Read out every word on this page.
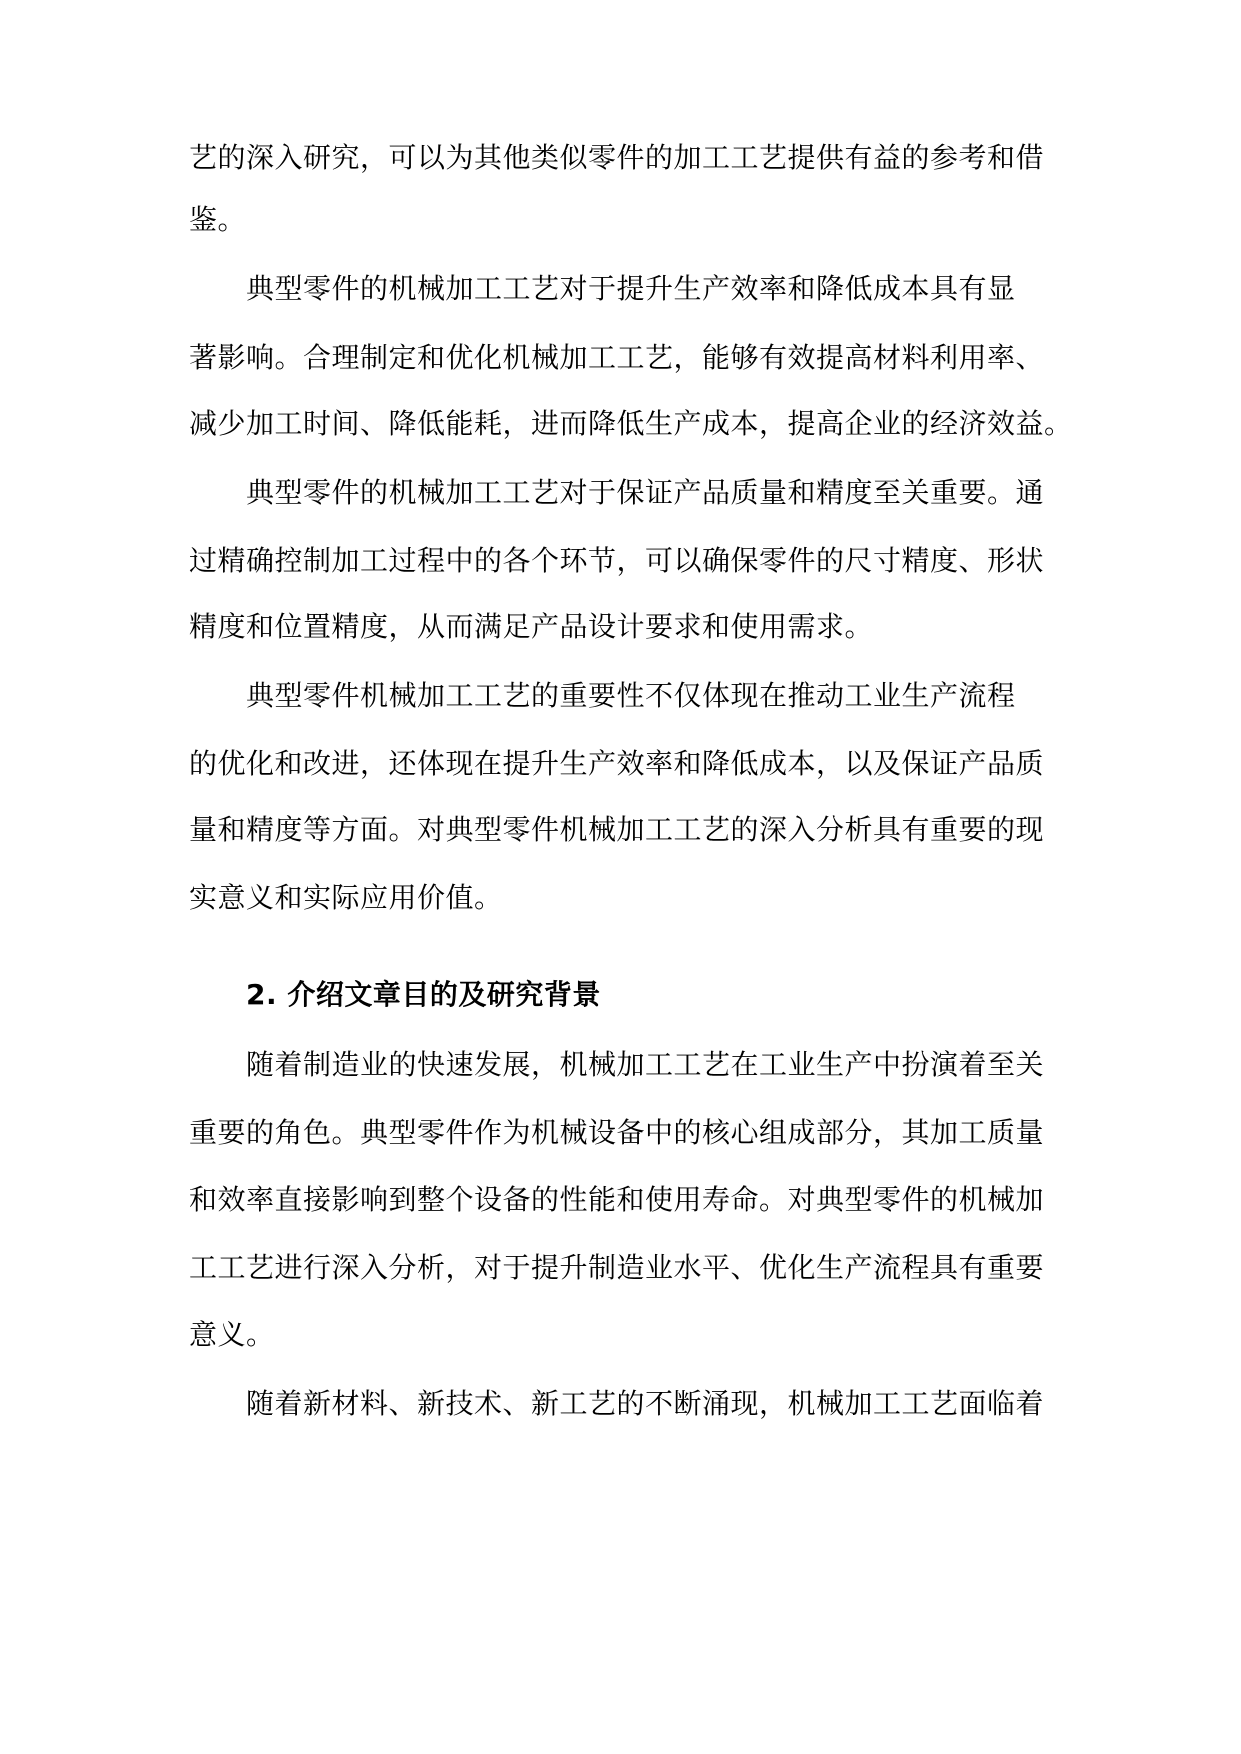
艺的深入研究，可以为其他类似零件的加工工艺提供有益的参考和借
鉴。
典型零件的机械加工工艺对于提升生产效率和降低成本具有显
著影响。合理制定和优化机械加工工艺，能够有效提高材料利用率、
减少加工时间、降低能耗，进而降低生产成本，提高企业的经济效益。
典型零件的机械加工工艺对于保证产品质量和精度至关重要。通
过精确控制加工过程中的各个环节，可以确保零件的尺寸精度、形状
精度和位置精度，从而满足产品设计要求和使用需求。
典型零件机械加工工艺的重要性不仅体现在推动工业生产流程
的优化和改进，还体现在提升生产效率和降低成本，以及保证产品质
量和精度等方面。对典型零件机械加工工艺的深入分析具有重要的现
实意义和实际应用价值。
2. 介绍文章目的及研究背景
随着制造业的快速发展，机械加工工艺在工业生产中扮演着至关
重要的角色。典型零件作为机械设备中的核心组成部分，其加工质量
和效率直接影响到整个设备的性能和使用寿命。对典型零件的机械加
工工艺进行深入分析，对于提升制造业水平、优化生产流程具有重要
意义。
随着新材料、新技术、新工艺的不断涌现，机械加工工艺面临着
